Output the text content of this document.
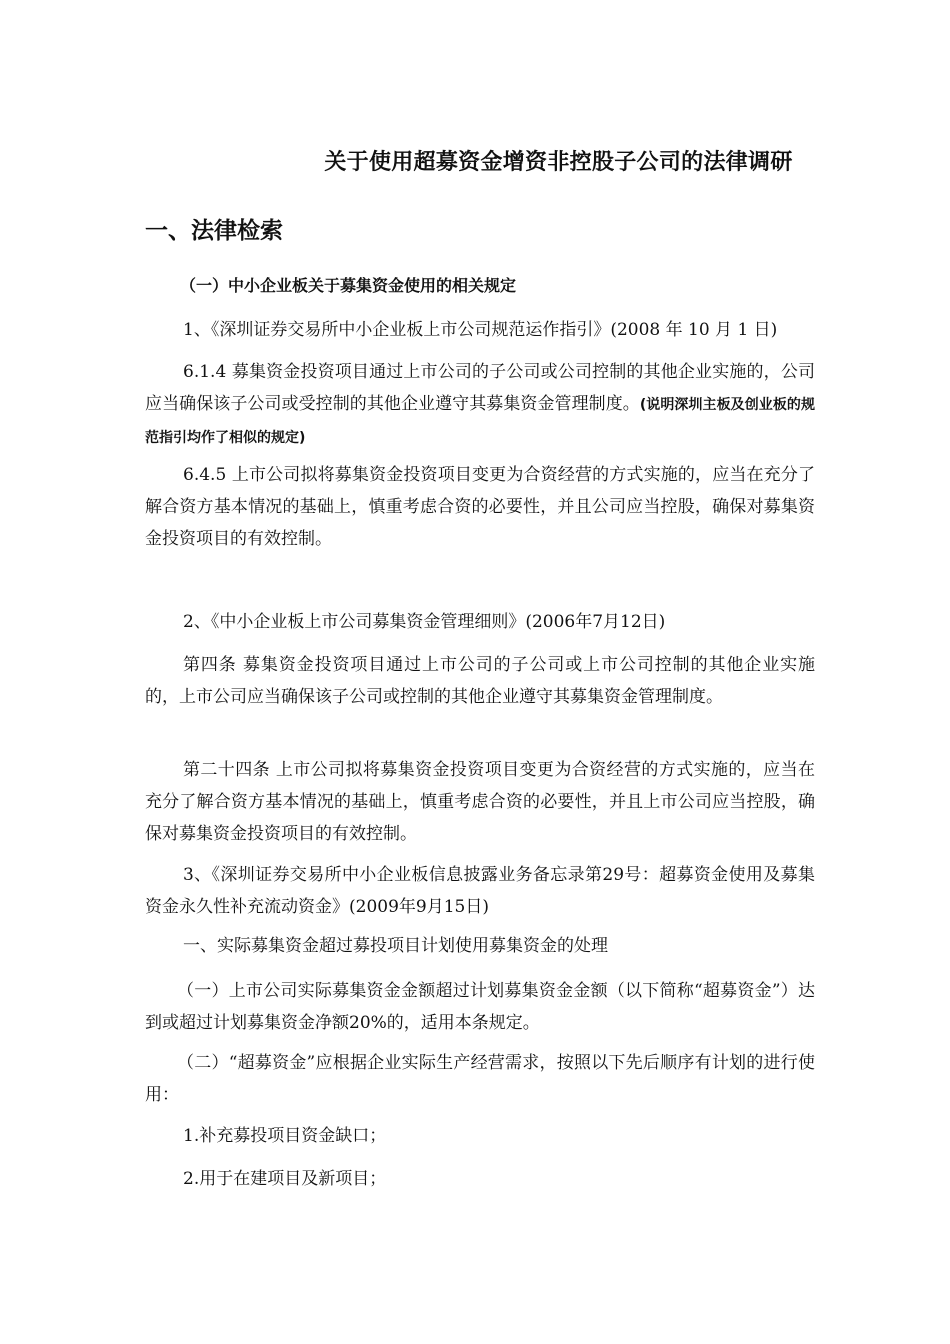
关于使用超募资金增资非控股子公司的法律调研
一、法律检索
（一）中小企业板关于募集资金使用的相关规定
1、《深圳证券交易所中小企业板上市公司规范运作指引》(2008 年 10 月 1 日)
6.1.4 募集资金投资项目通过上市公司的子公司或公司控制的其他企业实施的，公司应当确保该子公司或受控制的其他企业遵守其募集资金管理制度。(说明深圳主板及创业板的规范指引均作了相似的规定)
6.4.5 上市公司拟将募集资金投资项目变更为合资经营的方式实施的，应当在充分了解合资方基本情况的基础上，慎重考虑合资的必要性，并且公司应当控股，确保对募集资金投资项目的有效控制。
2、《中小企业板上市公司募集资金管理细则》(2006年7月12日)
第四条 募集资金投资项目通过上市公司的子公司或上市公司控制的其他企业实施的，上市公司应当确保该子公司或控制的其他企业遵守其募集资金管理制度。
第二十四条 上市公司拟将募集资金投资项目变更为合资经营的方式实施的，应当在充分了解合资方基本情况的基础上，慎重考虑合资的必要性，并且上市公司应当控股，确保对募集资金投资项目的有效控制。
3、《深圳证券交易所中小企业板信息披露业务备忘录第29号：超募资金使用及募集资金永久性补充流动资金》(2009年9月15日)
一、实际募集资金超过募投项目计划使用募集资金的处理
（一）上市公司实际募集资金金额超过计划募集资金金额（以下简称“超募资金”）达到或超过计划募集资金净额20%的，适用本条规定。
（二）“超募资金”应根据企业实际生产经营需求，按照以下先后顺序有计划的进行使用：
1.补充募投项目资金缺口；
2.用于在建项目及新项目；
